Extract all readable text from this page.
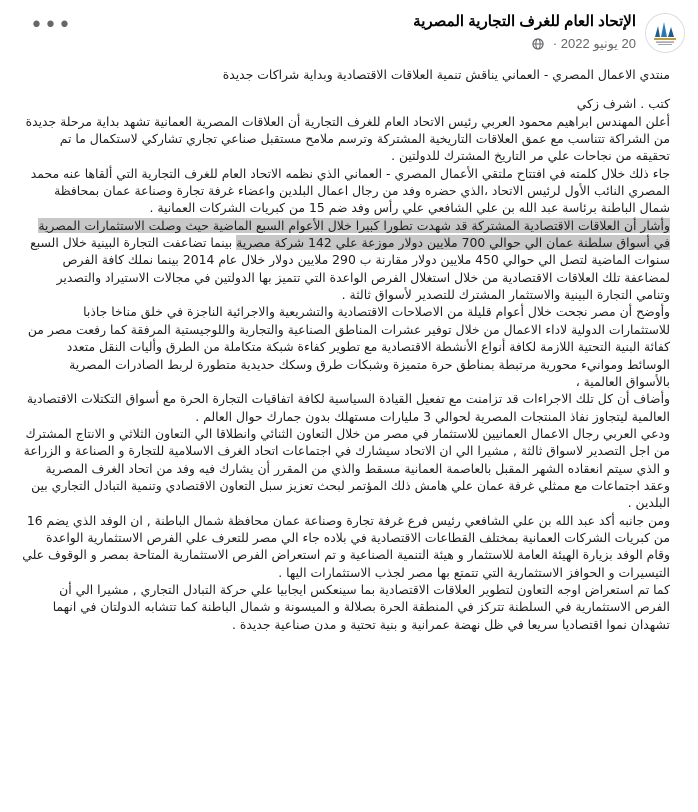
الإتحاد العام للغرف التجارية المصرية
20 يونيو 2022 ·
•••

منتدي الاعمال المصري - العماني يناقش تنمية العلاقات الاقتصادية وبداية شراكات جديدة

كتب . اشرف زكي

أعلن المهندس ابراهيم محمود العربي رئيس الاتحاد العام للغرف التجارية أن العلاقات المصرية العمانية تشهد بداية مرحلة جديدة من الشراكة تتناسب مع عمق العلاقات التاريخية المشتركة وترسم ملامح مستقبل صناعي تجاري تشاركي لاستكمال ما تم تحقيقه من نجاحات علي مر التاريخ المشترك للدولتين .

جاء ذلك خلال كلمته في افتتاح ملتقي الأعمال المصري - العماني الذي نظمه الاتحاد العام للغرف التجارية التي ألقاها عنه محمد المصري النائب الأول لرئيس الاتحاد ،الذي حضره وفد من رجال اعمال البلدين واعضاء غرفة تجارة وصناعة عمان بمحافظة شمال الباطنة برئاسة عبد الله بن علي الشافعي علي رأس وفد ضم 15 من كبريات الشركات العمانية .

وأشار أن العلاقات الاقتصادية المشتركة قد شهدت تطورا كبيرا خلال الأعوام السبع الماضية حيث وصلت الاستثمارات المصرية في أسواق سلطنة عمان الي حوالي 700 ملايين دولار موزعة علي 142 شركة مصرية بينما تضاعفت التجارة البينية خلال السبع سنوات الماضية لتصل الي حوالي 450 ملايين دولار مقارنة ب 290 ملايين دولار خلال عام 2014 بينما نملك كافة الفرص لمضاعفة تلك العلاقات الاقتصادية من خلال استغلال الفرص الواعدة التي تتميز بها الدولتين في مجالات الاستيراد والتصدير وتنامي التجارة البينية والاستثمار المشترك للتصدير لأسواق ثالثة .

وأوضح أن مصر نجحت خلال أعوام قليلة من الاصلاحات الاقتصادية والتشريعية والاجرائية الناجزة في خلق مناخا جاذبا للاستثمارات الدولية لاداء الاعمال من خلال توفير عشرات المناطق الصناعية والتجارية واللوجيستية المرفقة كما رفعت مصر من كفائة البنية التحتية اللازمة لكافة أنواع الأنشطة الاقتصادية مع تطوير كفاءة شبكة متكاملة من الطرق وأليات النقل متعدد الوسائط وموانيء محورية مرتبطة بمناطق حرة متميزة وشبكات طرق وسكك حديدية متطورة لربط الصادرات المصرية بالأسواق العالمية ،

وأضاف أن كل تلك الاجراءات قد تزامنت مع تفعيل القيادة السياسية لكافة اتفاقيات التجارة الحرة مع أسواق التكتلات الاقتصادية العالمية ليتجاوز نفاذ المنتجات المصرية لحوالي 3 مليارات مستهلك بدون جمارك حوال العالم .

ودعي العربي رجال الاعمال العمانيين للاستثمار في مصر من خلال التعاون الثنائي وانطلاقا الي التعاون الثلاثي و الانتاج المشترك من اجل التصدير لاسواق ثالثة , مشيرا الي ان الاتحاد سيشارك في اجتماعات اتحاد الغرف الاسلامية للتجارة و الصناعة و الزراعة و الذي سيتم انعقاده الشهر المقبل بالعاصمة العمانية مسقط والذي من المقرر أن يشارك فيه وفد من اتحاد الغرف المصرية وعقد اجتماعات مع ممثلي غرفة عمان علي هامش ذلك المؤتمر لبحث تعزيز سبل التعاون الاقتصادي وتنمية التبادل التجاري بين البلدين .

ومن جانبه أكد عبد الله بن علي الشافعي رئيس فرع غرفة تجارة وصناعة عمان محافظة شمال الباطنة , ان الوفد الذي يضم 16 من كبريات الشركات العمانية بمختلف القطاعات الاقتصادية في بلاده جاء الي مصر للتعرف علي الفرص الاستثمارية الواعدة وقام الوفد بزيارة الهيئة العامة للاستثمار و هيئة التنمية الصناعية و تم استعراض الفرص الاستثمارية المتاحة بمصر و الوقوف علي التيسيرات و الحوافز الاستثمارية التي تتمتع بها مصر لجذب الاستثمارات اليها .

كما تم استعراض اوجه التعاون لتطوير العلاقات الاقتصادية بما سينعكس ايجابيا علي حركة التبادل التجاري , مشيرا الي أن الفرص الاستثمارية في السلطنة تتركز في المنطقة الحرة بصلالة و الميسونة و شمال الباطنة كما تتشابه الدولتان في انهما تشهدان نموا اقتصاديا سريعا في ظل نهضة عمرانية و بنية تحتية و مدن صناعية جديدة .
